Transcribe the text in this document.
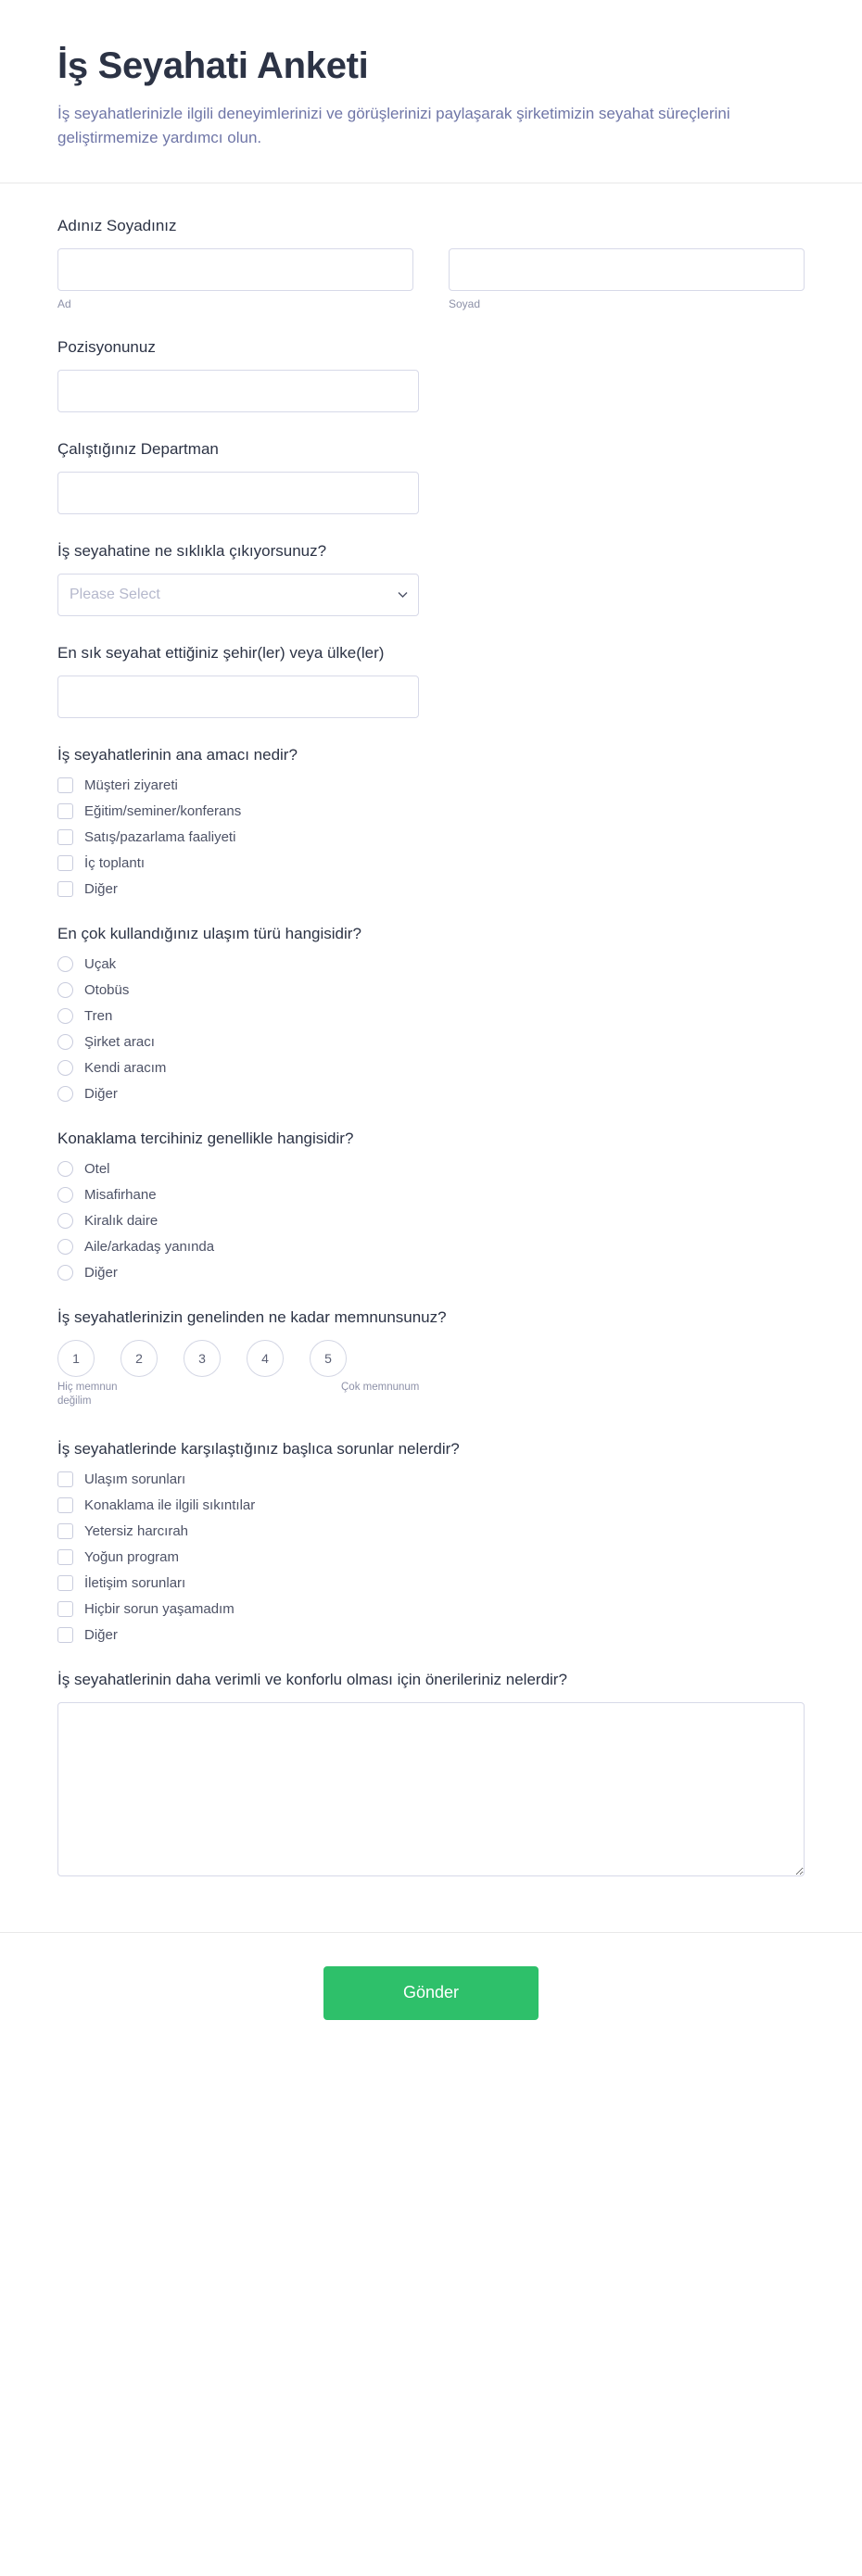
İş Seyahati Anketi

İş seyahatlerinizle ilgili deneyimlerinizi ve görüşlerinizi paylaşarak şirketimizin seyahat süreçlerini geliştirmemize yardımcı olun.

Adınız Soyadınız
Ad	Soyad
Pozisyonunuz
Çalıştığınız Departman
İş seyahatine ne sıklıkla çıkıyorsunuz?
Please Select
En sık seyahat ettiğiniz şehir(ler) veya ülke(ler)
İş seyahatlerinin ana amacı nedir?
Müşteri ziyareti
Eğitim/seminer/konferans
Satış/pazarlama faaliyeti
İç toplantı
Diğer
En çok kullandığınız ulaşım türü hangisidir?
Uçak
Otobüs
Tren
Şirket aracı
Kendi aracım
Diğer
Konaklama tercihiniz genellikle hangisidir?
Otel
Misafirhane
Kiralık daire
Aile/arkadaş yanında
Diğer
İş seyahatlerinizin genelinden ne kadar memnunsunuz?
1	2	3	4	5
Hiç memnun değilim
Çok memnunum
İş seyahatlerinde karşılaştığınız başlıca sorunlar nelerdir?
Ulaşım sorunları
Konaklama ile ilgili sıkıntılar
Yetersiz harcırah
Yoğun program
İletişim sorunları
Hiçbir sorun yaşamadım
Diğer
İş seyahatlerinin daha verimli ve konforlu olması için önerileriniz nelerdir?
Gönder
